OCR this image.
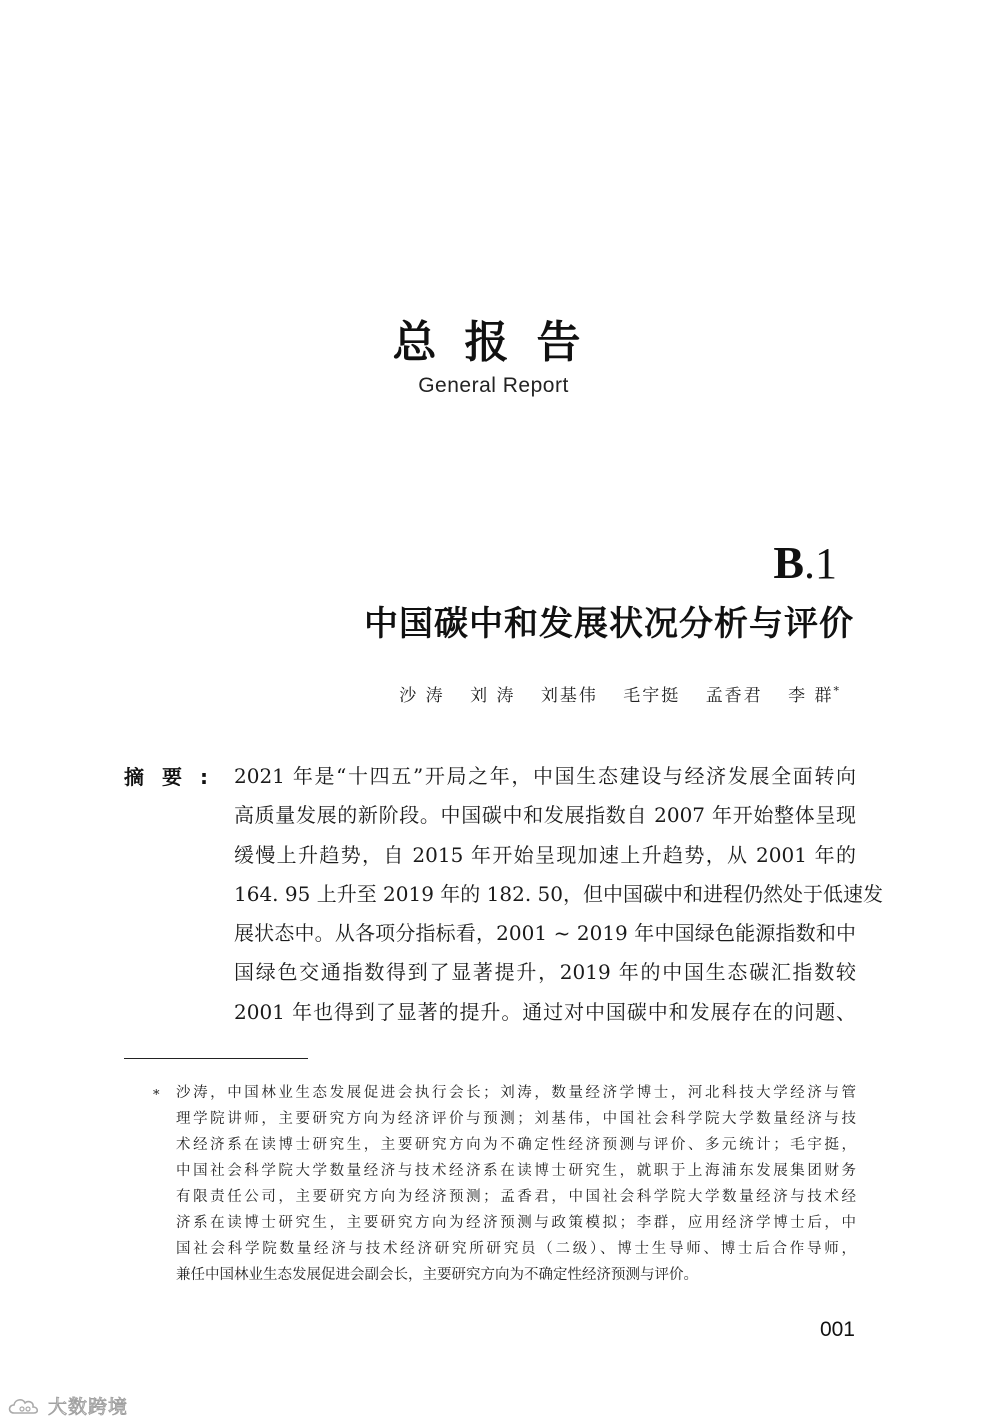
总报告
General Report
B.1
中国碳中和发展状况分析与评价
沙 涛 刘 涛 刘基伟 毛宇挺 孟香君 李 群*
摘要: 2021 年是“十四五”开局之年，中国生态建设与经济发展全面转向
高质量发展的新阶段。中国碳中和发展指数自 2007 年开始整体呈现
缓慢上升趋势，自 2015 年开始呈现加速上升趋势，从 2001 年的
164. 95 上升至 2019 年的 182. 50，但中国碳中和进程仍然处于低速发
展状态中。从各项分指标看，2001 ~ 2019 年中国绿色能源指数和中
国绿色交通指数得到了显著提升，2019 年的中国生态碳汇指数较
2001 年也得到了显著的提升。通过对中国碳中和发展存在的问题、
* 沙涛，中国林业生态发展促进会执行会长；刘涛，数量经济学博士，河北科技大学经济与管
理学院讲师，主要研究方向为经济评价与预测；刘基伟，中国社会科学院大学数量经济与技
术经济系在读博士研究生，主要研究方向为不确定性经济预测与评价、多元统计；毛宇挺，
中国社会科学院大学数量经济与技术经济系在读博士研究生，就职于上海浦东发展集团财务
有限责任公司，主要研究方向为经济预测；孟香君，中国社会科学院大学数量经济与技术经
济系在读博士研究生，主要研究方向为经济预测与政策模拟；李群，应用经济学博士后，中
国社会科学院数量经济与技术经济研究所研究员（二级）、博士生导师、博士后合作导师，
兼任中国林业生态发展促进会副会长，主要研究方向为不确定性经济预测与评价。
001
大数跨境
